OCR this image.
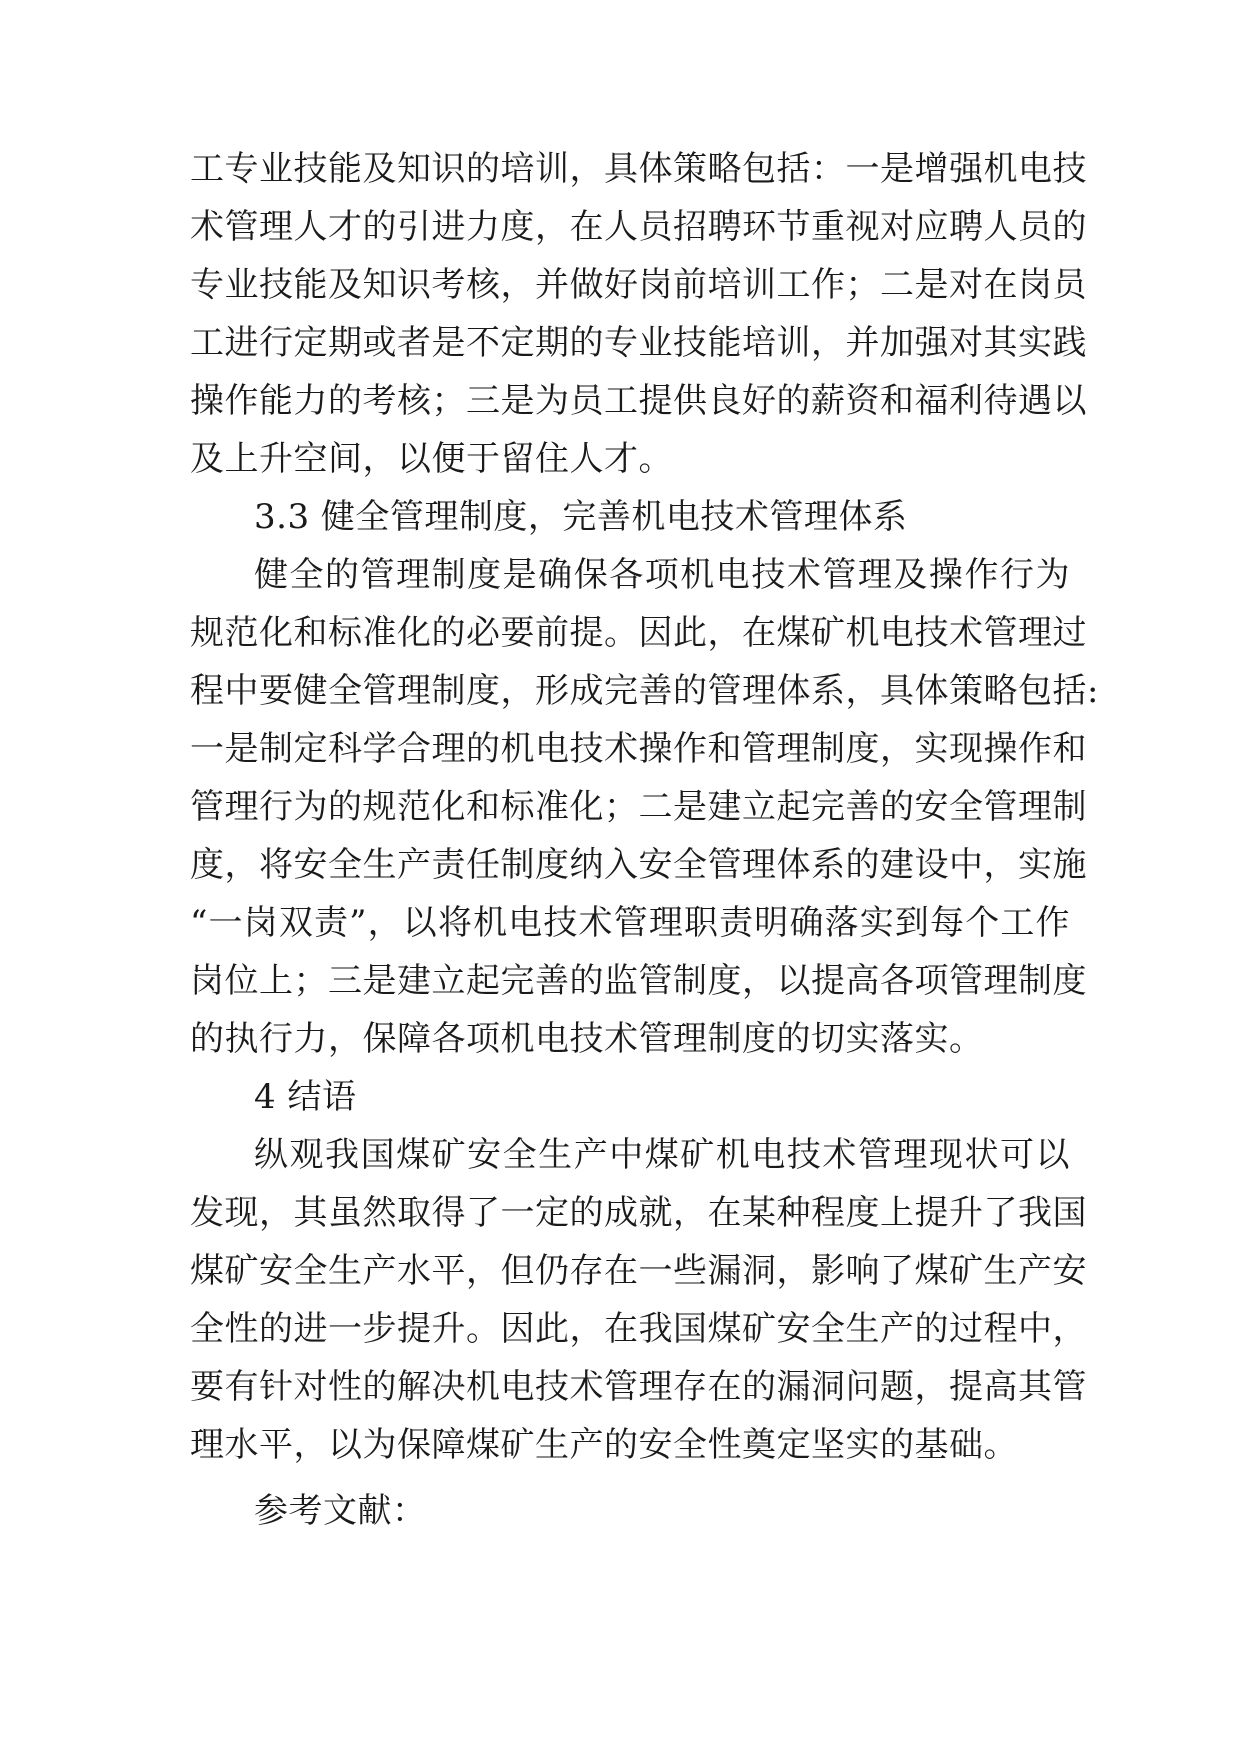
工专业技能及知识的培训，具体策略包括：一是增强机电技
术管理人才的引进力度，在人员招聘环节重视对应聘人员的
专业技能及知识考核，并做好岗前培训工作；二是对在岗员
工进行定期或者是不定期的专业技能培训，并加强对其实践
操作能力的考核；三是为员工提供良好的薪资和福利待遇以
及上升空间，以便于留住人才。
3.3 健全管理制度，完善机电技术管理体系
健全的管理制度是确保各项机电技术管理及操作行为
规范化和标准化的必要前提。因此，在煤矿机电技术管理过
程中要健全管理制度，形成完善的管理体系，具体策略包括:
一是制定科学合理的机电技术操作和管理制度，实现操作和
管理行为的规范化和标准化；二是建立起完善的安全管理制
度，将安全生产责任制度纳入安全管理体系的建设中，实施
“一岗双责”，以将机电技术管理职责明确落实到每个工作
岗位上；三是建立起完善的监管制度，以提高各项管理制度
的执行力，保障各项机电技术管理制度的切实落实。
4 结语
纵观我国煤矿安全生产中煤矿机电技术管理现状可以
发现，其虽然取得了一定的成就，在某种程度上提升了我国
煤矿安全生产水平，但仍存在一些漏洞，影响了煤矿生产安
全性的进一步提升。因此，在我国煤矿安全生产的过程中，
要有针对性的解决机电技术管理存在的漏洞问题，提高其管
理水平，以为保障煤矿生产的安全性奠定坚实的基础。
参考文献：
